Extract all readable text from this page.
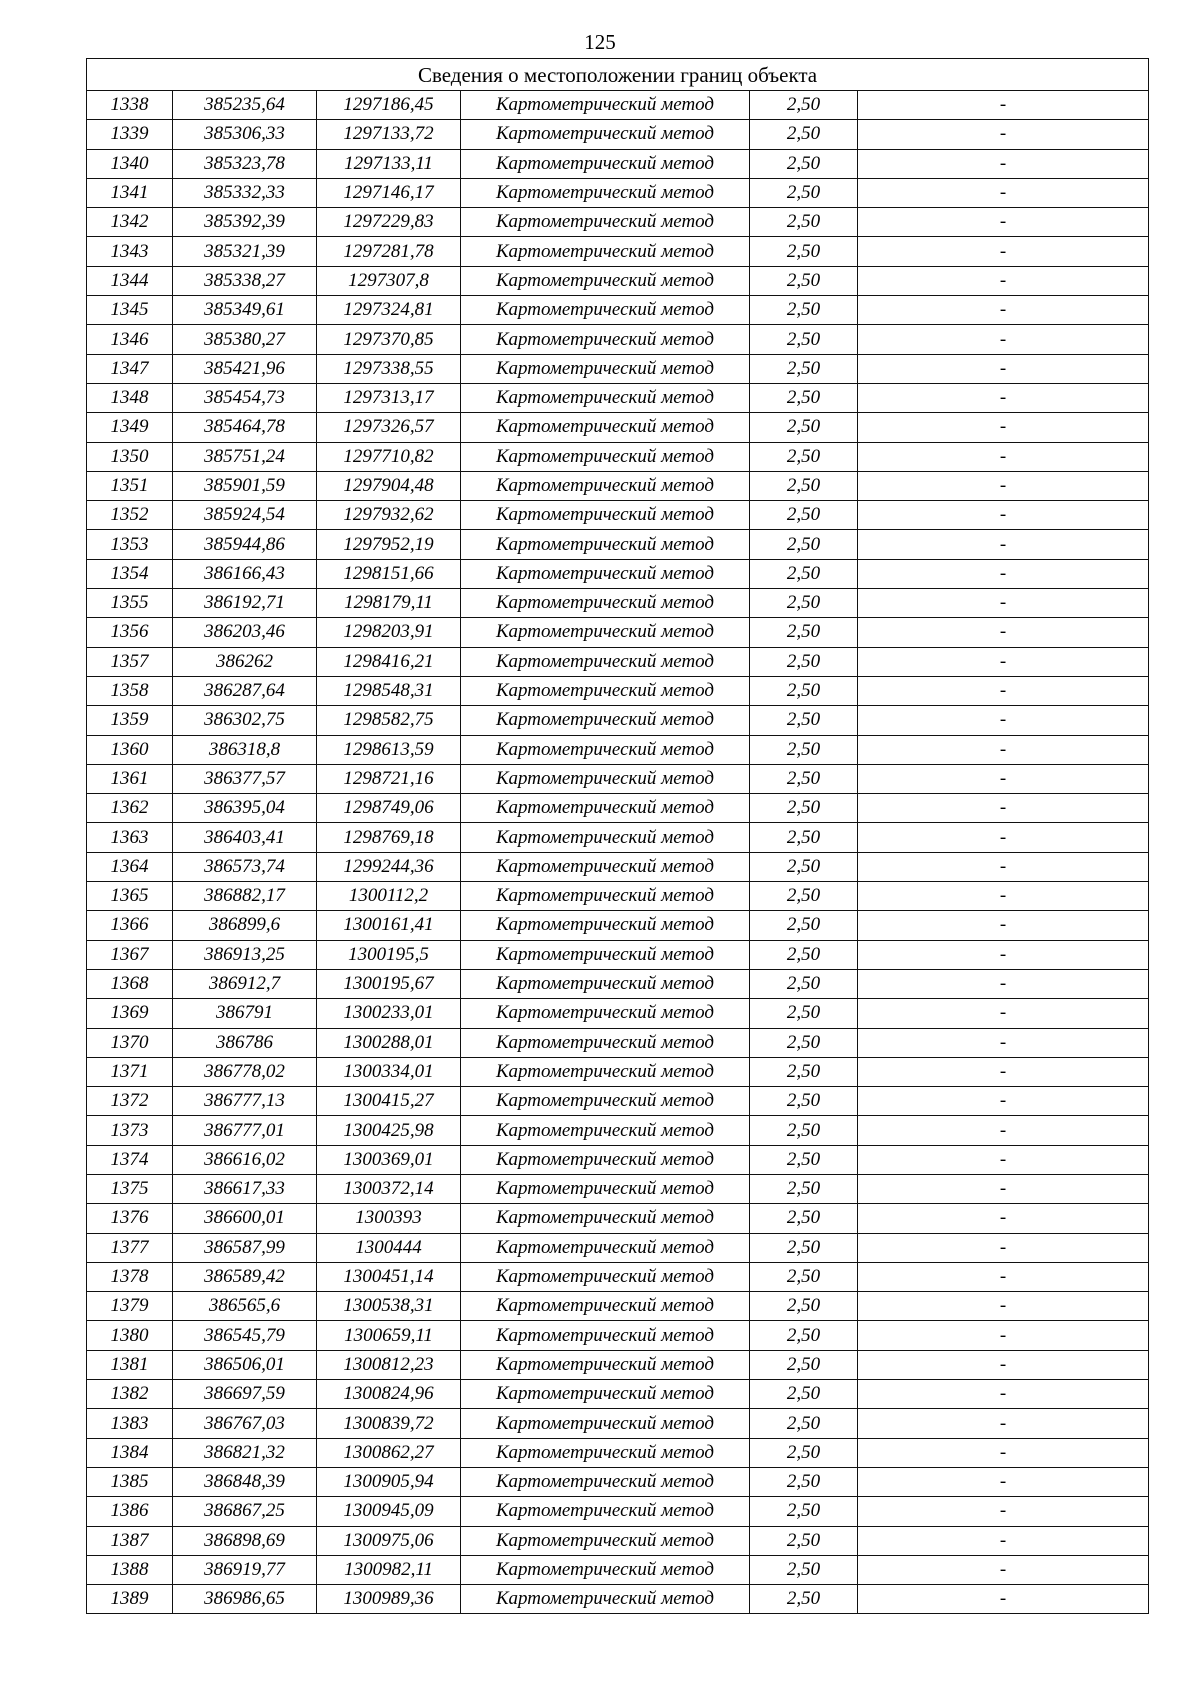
125
Сведения о местоположении границ объекта					
1338	385235,64	1297186,45	Картометрический метод	2,50	-
1339	385306,33	1297133,72	Картометрический метод	2,50	-
1340	385323,78	1297133,11	Картометрический метод	2,50	-
1341	385332,33	1297146,17	Картометрический метод	2,50	-
1342	385392,39	1297229,83	Картометрический метод	2,50	-
1343	385321,39	1297281,78	Картометрический метод	2,50	-
1344	385338,27	1297307,8	Картометрический метод	2,50	-
1345	385349,61	1297324,81	Картометрический метод	2,50	-
1346	385380,27	1297370,85	Картометрический метод	2,50	-
1347	385421,96	1297338,55	Картометрический метод	2,50	-
1348	385454,73	1297313,17	Картометрический метод	2,50	-
1349	385464,78	1297326,57	Картометрический метод	2,50	-
1350	385751,24	1297710,82	Картометрический метод	2,50	-
1351	385901,59	1297904,48	Картометрический метод	2,50	-
1352	385924,54	1297932,62	Картометрический метод	2,50	-
1353	385944,86	1297952,19	Картометрический метод	2,50	-
1354	386166,43	1298151,66	Картометрический метод	2,50	-
1355	386192,71	1298179,11	Картометрический метод	2,50	-
1356	386203,46	1298203,91	Картометрический метод	2,50	-
1357	386262	1298416,21	Картометрический метод	2,50	-
1358	386287,64	1298548,31	Картометрический метод	2,50	-
1359	386302,75	1298582,75	Картометрический метод	2,50	-
1360	386318,8	1298613,59	Картометрический метод	2,50	-
1361	386377,57	1298721,16	Картометрический метод	2,50	-
1362	386395,04	1298749,06	Картометрический метод	2,50	-
1363	386403,41	1298769,18	Картометрический метод	2,50	-
1364	386573,74	1299244,36	Картометрический метод	2,50	-
1365	386882,17	1300112,2	Картометрический метод	2,50	-
1366	386899,6	1300161,41	Картометрический метод	2,50	-
1367	386913,25	1300195,5	Картометрический метод	2,50	-
1368	386912,7	1300195,67	Картометрический метод	2,50	-
1369	386791	1300233,01	Картометрический метод	2,50	-
1370	386786	1300288,01	Картометрический метод	2,50	-
1371	386778,02	1300334,01	Картометрический метод	2,50	-
1372	386777,13	1300415,27	Картометрический метод	2,50	-
1373	386777,01	1300425,98	Картометрический метод	2,50	-
1374	386616,02	1300369,01	Картометрический метод	2,50	-
1375	386617,33	1300372,14	Картометрический метод	2,50	-
1376	386600,01	1300393	Картометрический метод	2,50	-
1377	386587,99	1300444	Картометрический метод	2,50	-
1378	386589,42	1300451,14	Картометрический метод	2,50	-
1379	386565,6	1300538,31	Картометрический метод	2,50	-
1380	386545,79	1300659,11	Картометрический метод	2,50	-
1381	386506,01	1300812,23	Картометрический метод	2,50	-
1382	386697,59	1300824,96	Картометрический метод	2,50	-
1383	386767,03	1300839,72	Картометрический метод	2,50	-
1384	386821,32	1300862,27	Картометрический метод	2,50	-
1385	386848,39	1300905,94	Картометрический метод	2,50	-
1386	386867,25	1300945,09	Картометрический метод	2,50	-
1387	386898,69	1300975,06	Картометрический метод	2,50	-
1388	386919,77	1300982,11	Картометрический метод	2,50	-
1389	386986,65	1300989,36	Картометрический метод	2,50	-
